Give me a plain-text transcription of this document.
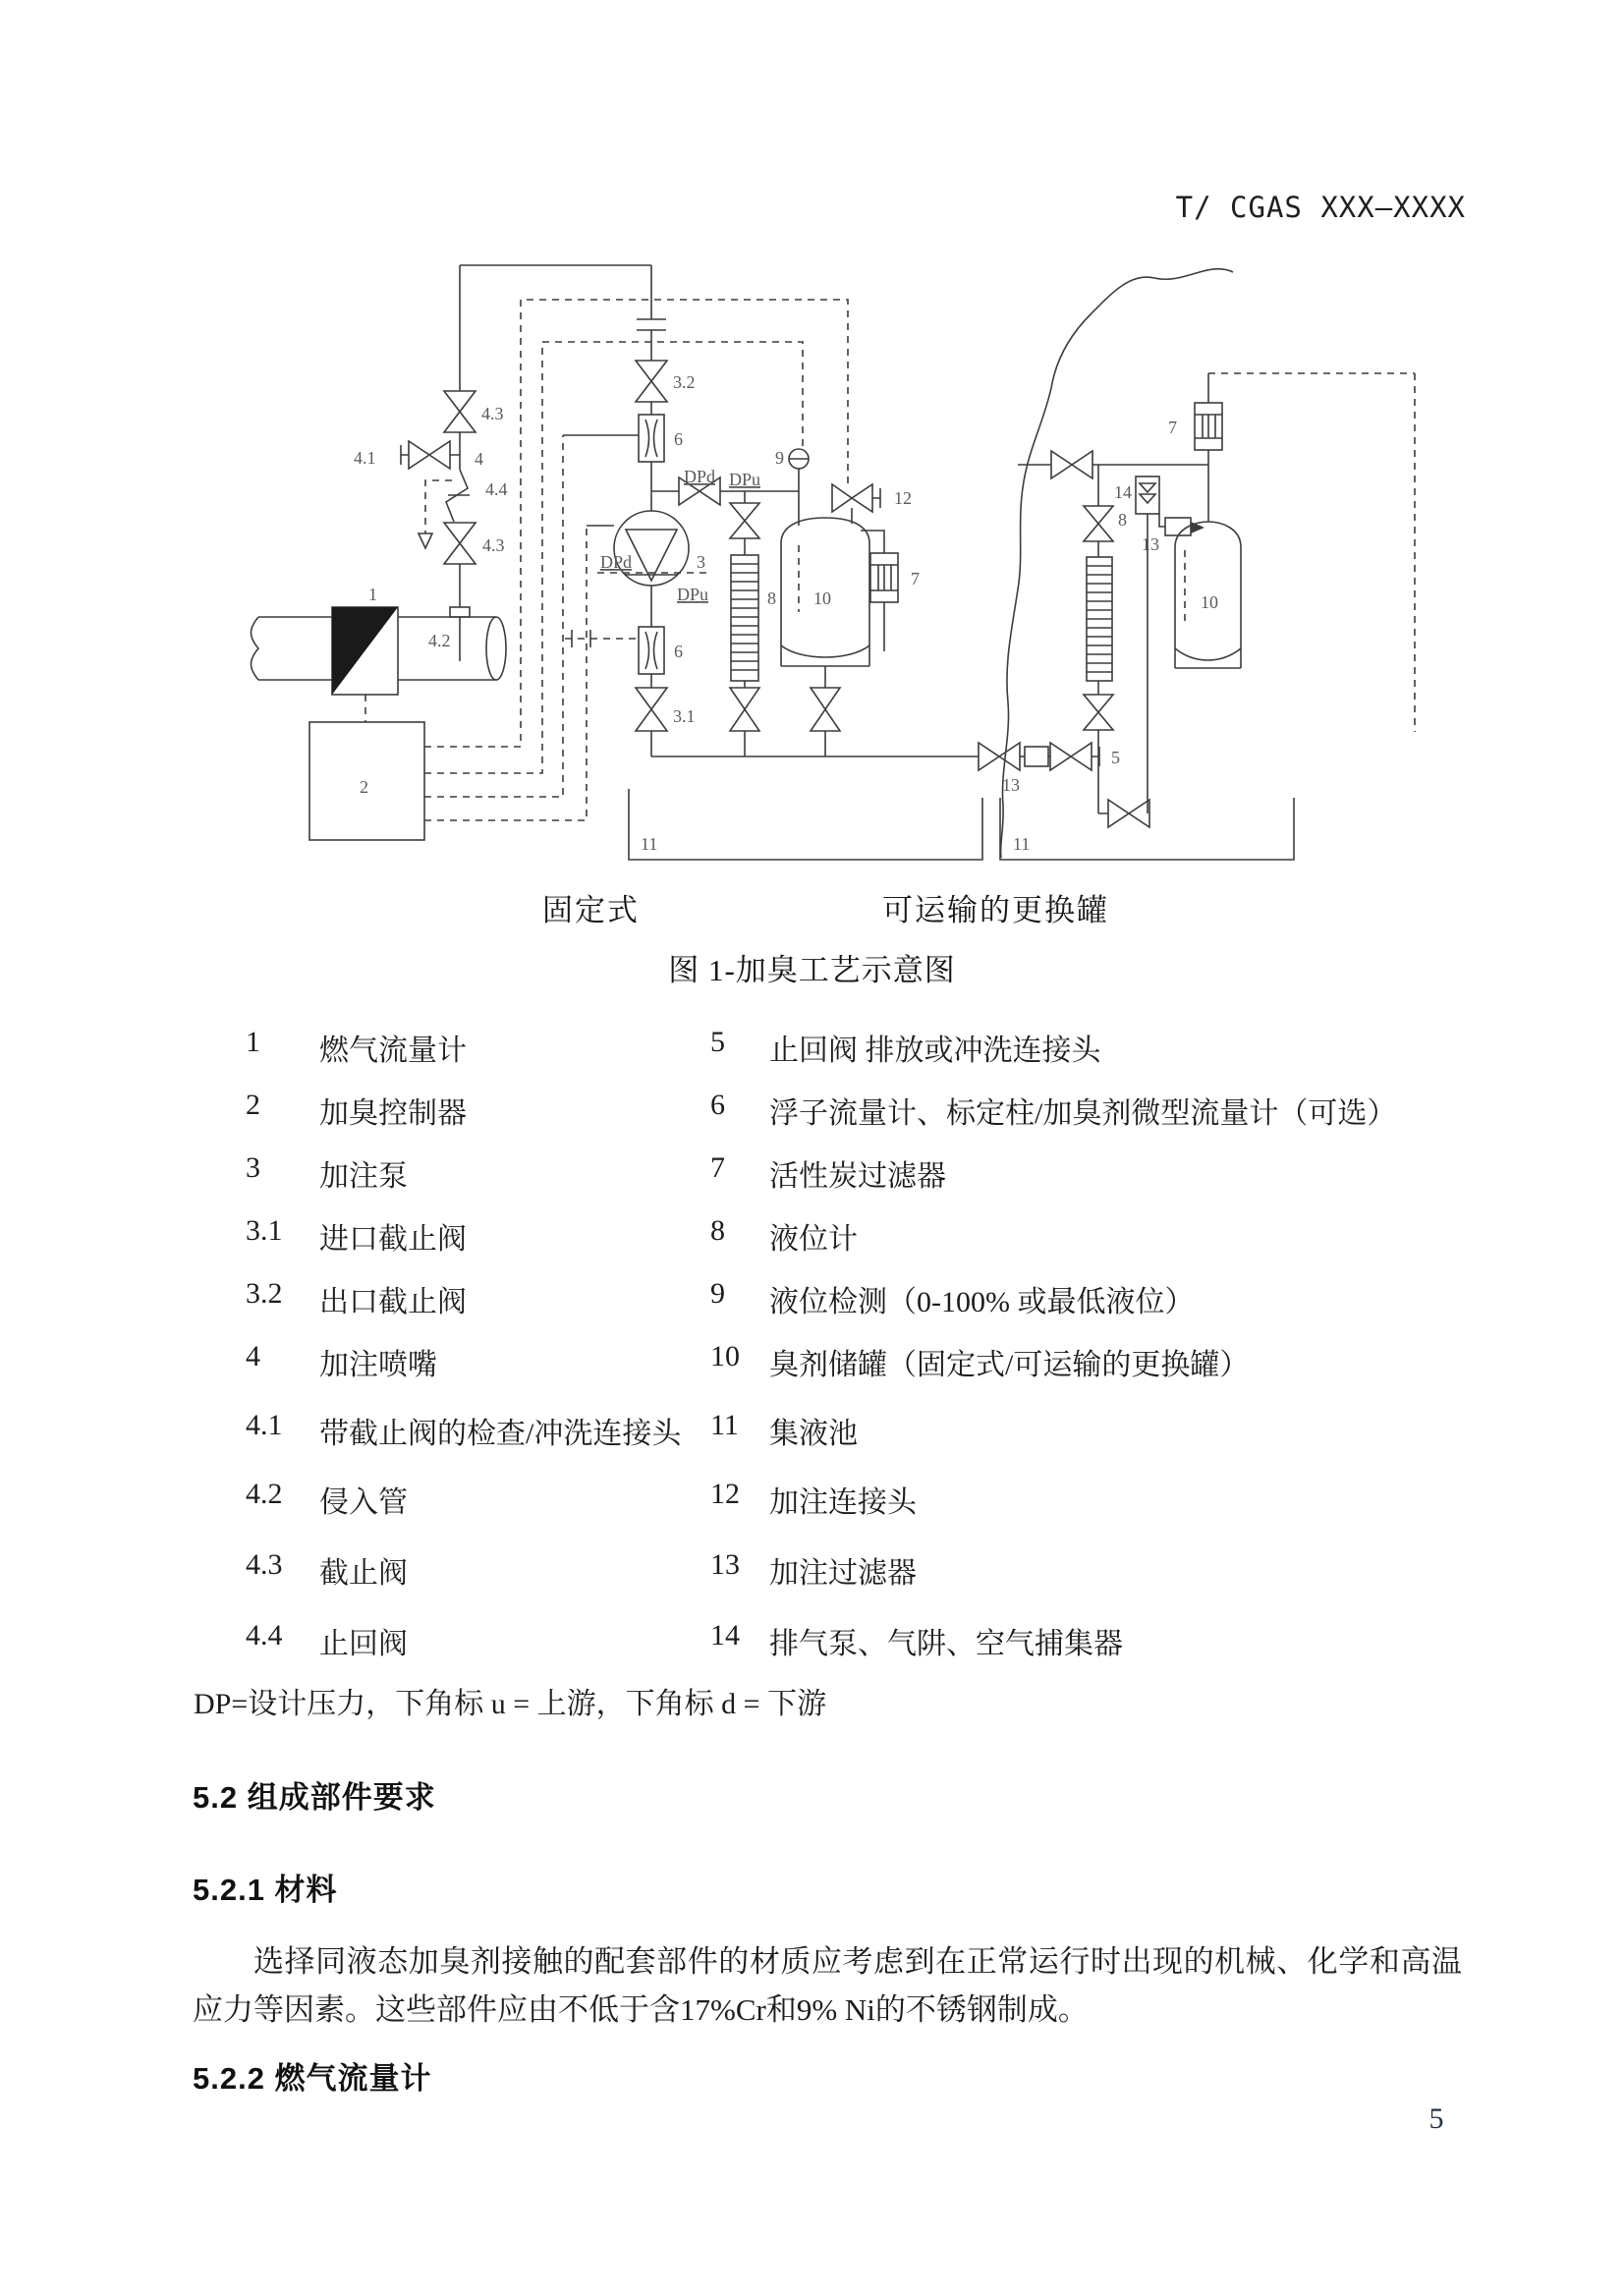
T/ CGAS XXX—XXXX
1
2
3
3.1
3.2
4
4.1
4.2
4.3
4.3
4.4
5
6
6
7
7
8
8
9
10	10
11	11
12
13
13
14
DPd DPu
DPd
DPu
固定式	可运输的更换罐
图 1-加臭工艺示意图
1 燃气流量计	5 止回阀 排放或冲洗连接头
2 加臭控制器	6 浮子流量计、标定柱/加臭剂微型流量计（可选）
3 加注泵	7 活性炭过滤器
3.1 进口截止阀	8 液位计
3.2 出口截止阀	9 液位检测（0-100% 或最低液位）
4 加注喷嘴	10 臭剂储罐（固定式/可运输的更换罐）
4.1 带截止阀的检查/冲洗连接头 11 集液池
4.2 侵入管	12 加注连接头
4.3 截止阀	13 加注过滤器
4.4 止回阀	14 排气泵、气阱、空气捕集器
DP=设计压力，下角标 u = 上游，下角标 d = 下游
5.2 组成部件要求
5.2.1 材料
选择同液态加臭剂接触的配套部件的材质应考虑到在正常运行时出现的机械、化学和高温应力等因素。这些部件应由不低于含17%Cr和9% Ni的不锈钢制成。
5.2.2 燃气流量计
5
